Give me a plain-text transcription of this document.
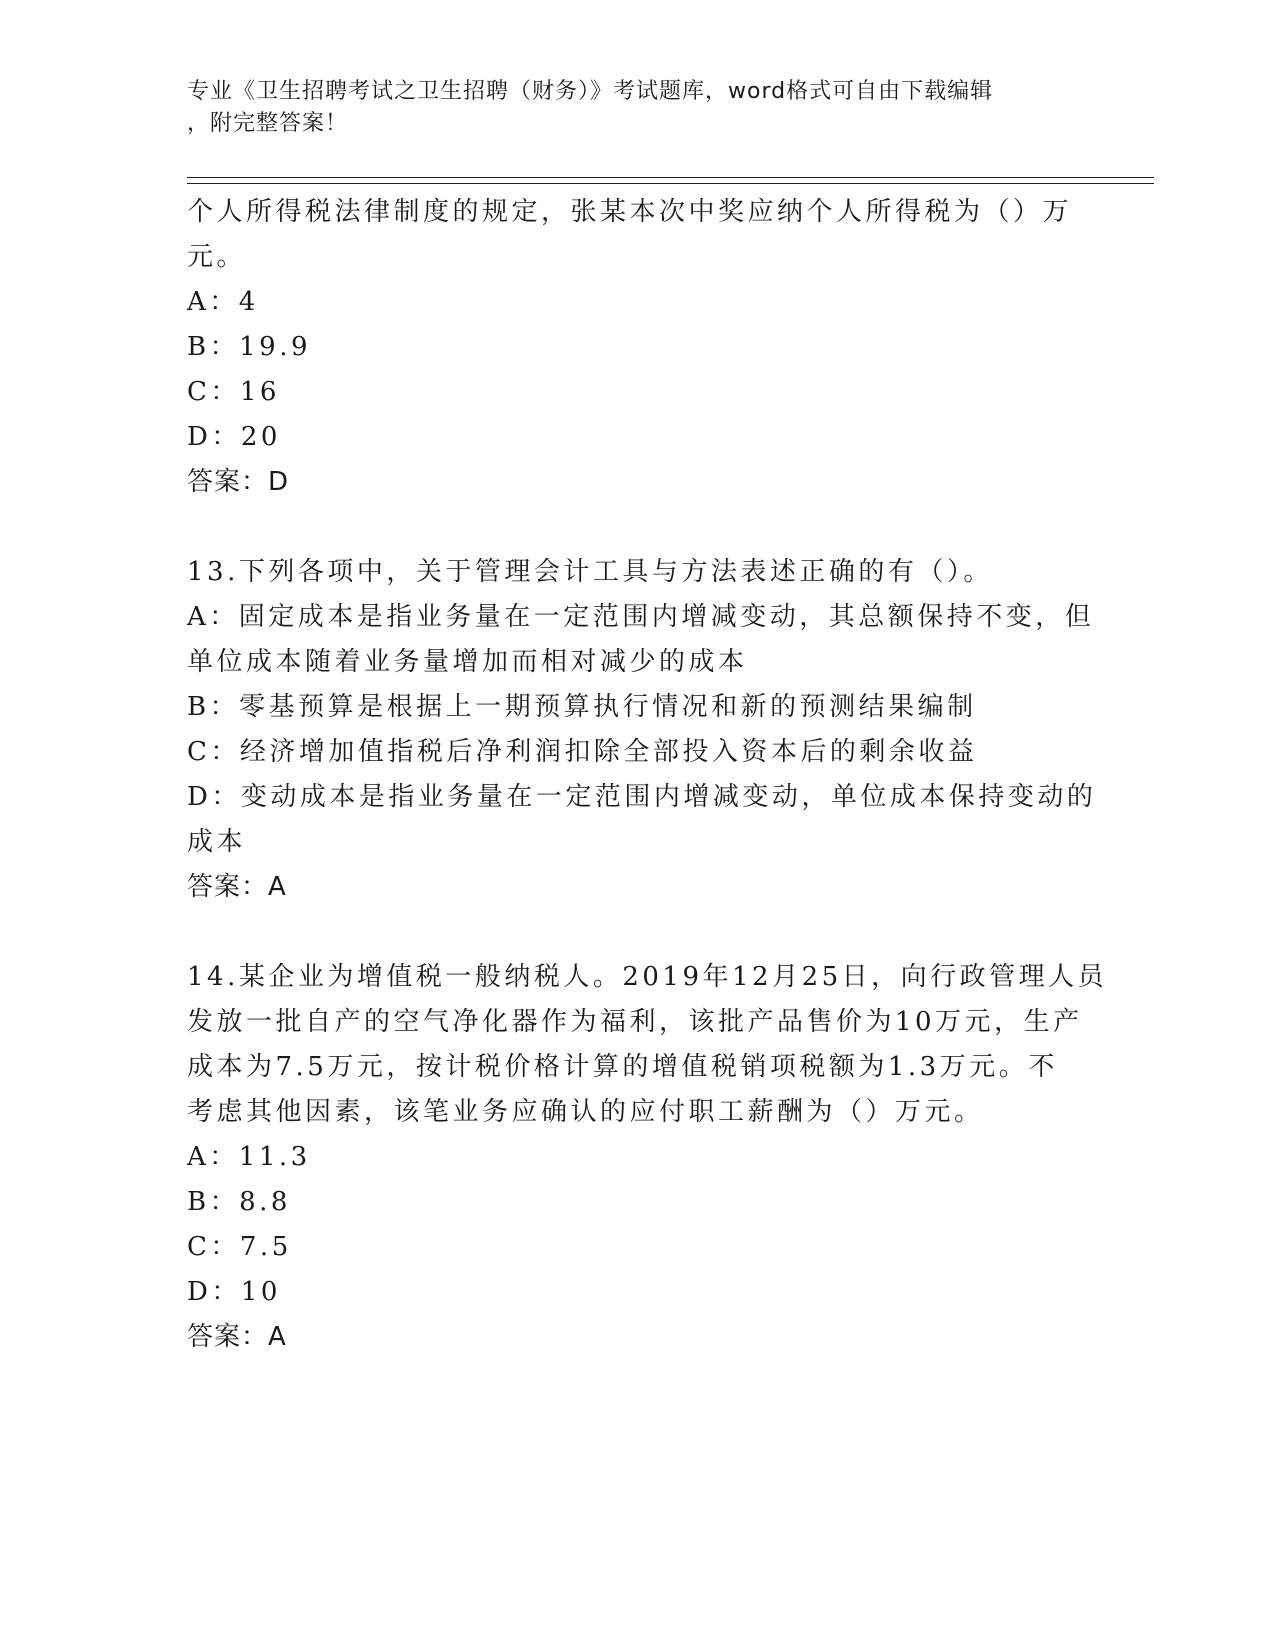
专业《卫生招聘考试之卫生招聘（财务）》考试题库，word格式可自由下载编辑
，附完整答案！
个人所得税法律制度的规定，张某本次中奖应纳个人所得税为（）万
元。
A：4
B：19.9
C：16
D：20
答案：D
13.下列各项中，关于管理会计工具与方法表述正确的有（）。
A：固定成本是指业务量在一定范围内增减变动，其总额保持不变，但
单位成本随着业务量增加而相对减少的成本
B：零基预算是根据上一期预算执行情况和新的预测结果编制
C：经济增加值指税后净利润扣除全部投入资本后的剩余收益
D：变动成本是指业务量在一定范围内增减变动，单位成本保持变动的
成本
答案：A
14.某企业为增值税一般纳税人。2019年12月25日，向行政管理人员
发放一批自产的空气净化器作为福利，该批产品售价为10万元，生产
成本为7.5万元，按计税价格计算的增值税销项税额为1.3万元。不
考虑其他因素，该笔业务应确认的应付职工薪酬为（）万元。
A：11.3
B：8.8
C：7.5
D：10
答案：A
